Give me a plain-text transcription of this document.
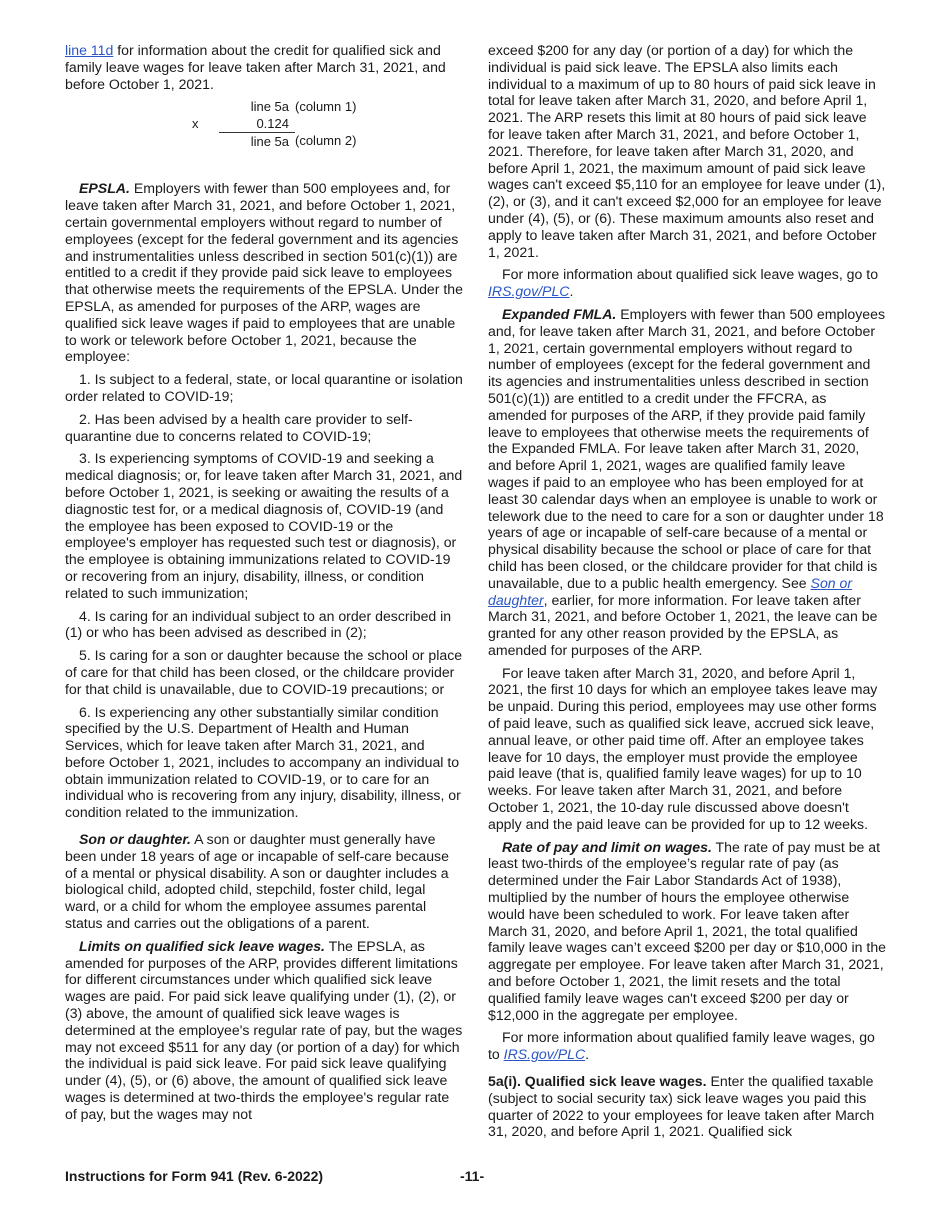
line 11d for information about the credit for qualified sick and family leave wages for leave taken after March 31, 2021, and before October 1, 2021.

line 5a (column 1)
x	0.124
line 5a (column 2)

EPSLA. Employers with fewer than 500 employees and, for leave taken after March 31, 2021, and before October 1, 2021, certain governmental employers without regard to number of employees (except for the federal government and its agencies and instrumentalities unless described in section 501(c)(1)) are entitled to a credit if they provide paid sick leave to employees that otherwise meets the requirements of the EPSLA. Under the EPSLA, as amended for purposes of the ARP, wages are qualified sick leave wages if paid to employees that are unable to work or telework before October 1, 2021, because the employee:

1. Is subject to a federal, state, or local quarantine or isolation order related to COVID-19;

2. Has been advised by a health care provider to self-quarantine due to concerns related to COVID-19;

3. Is experiencing symptoms of COVID-19 and seeking a medical diagnosis; or, for leave taken after March 31, 2021, and before October 1, 2021, is seeking or awaiting the results of a diagnostic test for, or a medical diagnosis of, COVID-19 (and the employee has been exposed to COVID-19 or the employee's employer has requested such test or diagnosis), or the employee is obtaining immunizations related to COVID-19 or recovering from an injury, disability, illness, or condition related to such immunization;

4. Is caring for an individual subject to an order described in (1) or who has been advised as described in (2);

5. Is caring for a son or daughter because the school or place of care for that child has been closed, or the childcare provider for that child is unavailable, due to COVID-19 precautions; or

6. Is experiencing any other substantially similar condition specified by the U.S. Department of Health and Human Services, which for leave taken after March 31, 2021, and before October 1, 2021, includes to accompany an individual to obtain immunization related to COVID-19, or to care for an individual who is recovering from any injury, disability, illness, or condition related to the immunization.

Son or daughter. A son or daughter must generally have been under 18 years of age or incapable of self-care because of a mental or physical disability. A son or daughter includes a biological child, adopted child, stepchild, foster child, legal ward, or a child for whom the employee assumes parental status and carries out the obligations of a parent.

Limits on qualified sick leave wages. The EPSLA, as amended for purposes of the ARP, provides different limitations for different circumstances under which qualified sick leave wages are paid. For paid sick leave qualifying under (1), (2), or (3) above, the amount of qualified sick leave wages is determined at the employee's regular rate of pay, but the wages may not exceed $511 for any day (or portion of a day) for which the individual is paid sick leave. For paid sick leave qualifying under (4), (5), or (6) above, the amount of qualified sick leave wages is determined at two-thirds the employee's regular rate of pay, but the wages may not

exceed $200 for any day (or portion of a day) for which the individual is paid sick leave. The EPSLA also limits each individual to a maximum of up to 80 hours of paid sick leave in total for leave taken after March 31, 2020, and before April 1, 2021. The ARP resets this limit at 80 hours of paid sick leave for leave taken after March 31, 2021, and before October 1, 2021. Therefore, for leave taken after March 31, 2020, and before April 1, 2021, the maximum amount of paid sick leave wages can't exceed $5,110 for an employee for leave under (1), (2), or (3), and it can't exceed $2,000 for an employee for leave under (4), (5), or (6). These maximum amounts also reset and apply to leave taken after March 31, 2021, and before October 1, 2021.

For more information about qualified sick leave wages, go to IRS.gov/PLC.

Expanded FMLA. Employers with fewer than 500 employees and, for leave taken after March 31, 2021, and before October 1, 2021, certain governmental employers without regard to number of employees (except for the federal government and its agencies and instrumentalities unless described in section 501(c)(1)) are entitled to a credit under the FFCRA, as amended for purposes of the ARP, if they provide paid family leave to employees that otherwise meets the requirements of the Expanded FMLA. For leave taken after March 31, 2020, and before April 1, 2021, wages are qualified family leave wages if paid to an employee who has been employed for at least 30 calendar days when an employee is unable to work or telework due to the need to care for a son or daughter under 18 years of age or incapable of self-care because of a mental or physical disability because the school or place of care for that child has been closed, or the childcare provider for that child is unavailable, due to a public health emergency. See Son or daughter, earlier, for more information. For leave taken after March 31, 2021, and before October 1, 2021, the leave can be granted for any other reason provided by the EPSLA, as amended for purposes of the ARP.

For leave taken after March 31, 2020, and before April 1, 2021, the first 10 days for which an employee takes leave may be unpaid. During this period, employees may use other forms of paid leave, such as qualified sick leave, accrued sick leave, annual leave, or other paid time off. After an employee takes leave for 10 days, the employer must provide the employee paid leave (that is, qualified family leave wages) for up to 10 weeks. For leave taken after March 31, 2021, and before October 1, 2021, the 10-day rule discussed above doesn't apply and the paid leave can be provided for up to 12 weeks.

Rate of pay and limit on wages. The rate of pay must be at least two-thirds of the employee’s regular rate of pay (as determined under the Fair Labor Standards Act of 1938), multiplied by the number of hours the employee otherwise would have been scheduled to work. For leave taken after March 31, 2020, and before April 1, 2021, the total qualified family leave wages can’t exceed $200 per day or $10,000 in the aggregate per employee. For leave taken after March 31, 2021, and before October 1, 2021, the limit resets and the total qualified family leave wages can't exceed $200 per day or $12,000 in the aggregate per employee.

For more information about qualified family leave wages, go to IRS.gov/PLC.

5a(i). Qualified sick leave wages. Enter the qualified taxable (subject to social security tax) sick leave wages you paid this quarter of 2022 to your employees for leave taken after March 31, 2020, and before April 1, 2021. Qualified sick

Instructions for Form 941 (Rev. 6-2022)	-11-
